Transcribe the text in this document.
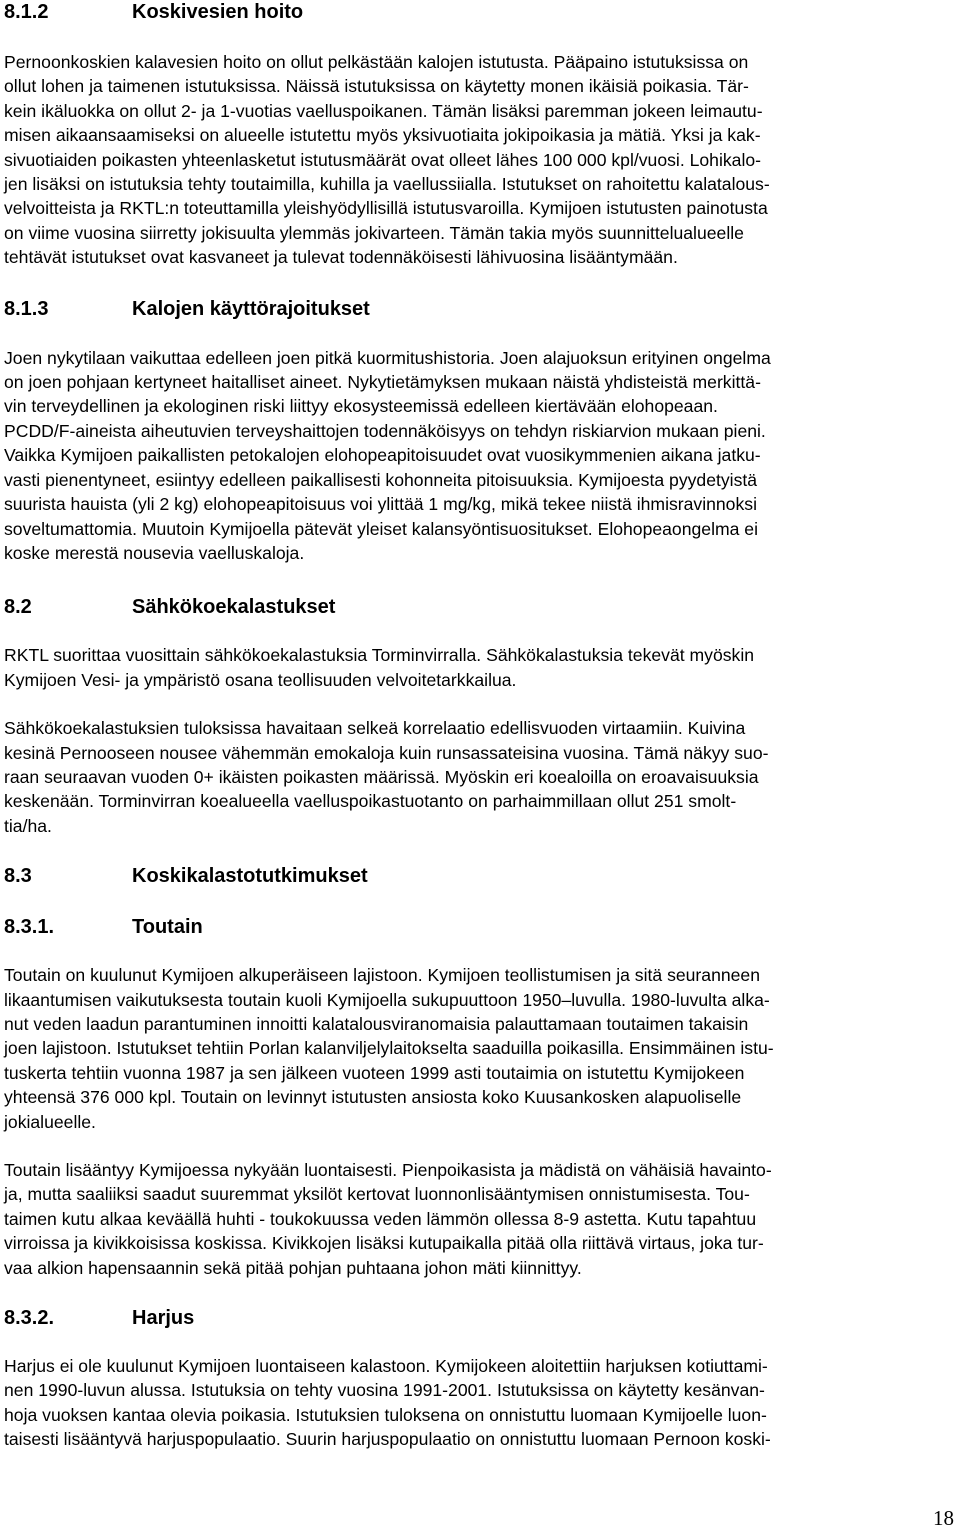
8.1.2	Koskivesien hoito

Pernoonkoskien kalavesien hoito on ollut pelkästään kalojen istutusta. Pääpaino istutuksissa on
ollut lohen ja taimenen istutuksissa. Näissä istutuksissa on käytetty monen ikäisiä poikasia. Tär-
kein ikäluokka on ollut 2- ja 1-vuotias vaelluspoikanen. Tämän lisäksi paremman jokeen leimautu-
misen aikaansaamiseksi on alueelle istutettu myös yksivuotiaita jokipoikasia ja mätiä. Yksi ja kak-
sivuotiaiden poikasten yhteenlasketut istutusmäärät ovat olleet lähes 100 000 kpl/vuosi. Lohikalo-
jen lisäksi on istutuksia tehty toutaimilla, kuhilla ja vaellussiialla. Istutukset on rahoitettu kalatalous-
velvoitteista ja RKTL:n toteuttamilla yleishyödyllisillä istutusvaroilla. Kymijoen istutusten painotusta
on viime vuosina siirretty jokisuulta ylemmäs jokivarteen. Tämän takia myös suunnittelualueelle
tehtävät istutukset ovat kasvaneet ja tulevat todennäköisesti lähivuosina lisääntymään.

8.1.3	Kalojen käyttörajoitukset

Joen nykytilaan vaikuttaa edelleen joen pitkä kuormitushistoria. Joen alajuoksun erityinen ongelma
on joen pohjaan kertyneet haitalliset aineet. Nykytietämyksen mukaan näistä yhdisteistä merkittä-
vin terveydellinen ja ekologinen riski liittyy ekosysteemissä edelleen kiertävään elohopeaan.
PCDD/F-aineista aiheutuvien terveyshaittojen todennäköisyys on tehdyn riskiarvion mukaan pieni.
Vaikka Kymijoen paikallisten petokalojen elohopeapitoisuudet ovat vuosikymmenien aikana jatku-
vasti pienentyneet, esiintyy edelleen paikallisesti kohonneita pitoisuuksia. Kymijoesta pyydetyistä
suurista hauista (yli 2 kg) elohopeapitoisuus voi ylittää 1 mg/kg, mikä tekee niistä ihmisravinnoksi
soveltumattomia. Muutoin Kymijoella pätevät yleiset kalansyöntisuositukset. Elohopeaongelma ei
koske merestä nousevia vaelluskaloja.

8.2	Sähkökoekalastukset

RKTL suorittaa vuosittain sähkökoekalastuksia Torminvirralla. Sähkökalastuksia tekevät myöskin
Kymijoen Vesi- ja ympäristö osana teollisuuden velvoitetarkkailua.

Sähkökoekalastuksien tuloksissa havaitaan selkeä korrelaatio edellisvuoden virtaamiin. Kuivina
kesinä Pernooseen nousee vähemmän emokaloja kuin runsassateisina vuosina. Tämä näkyy suo-
raan seuraavan vuoden 0+ ikäisten poikasten määrissä. Myöskin eri koealoilla on eroavaisuuksia
keskenään. Torminvirran koealueella vaelluspoikastuotanto on parhaimmillaan ollut 251 smolt-
tia/ha.

8.3	Koskikalastotutkimukset
8.3.1.	Toutain

Toutain on kuulunut Kymijoen alkuperäiseen lajistoon. Kymijoen teollistumisen ja sitä seuranneen
likaantumisen vaikutuksesta toutain kuoli Kymijoella sukupuuttoon 1950–luvulla. 1980-luvulta alka-
nut veden laadun parantuminen innoitti kalatalousviranomaisia palauttamaan toutaimen takaisin
joen lajistoon. Istutukset tehtiin Porlan kalanviljelylaitokselta saaduilla poikasilla. Ensimmäinen istu-
tuskerta tehtiin vuonna 1987 ja sen jälkeen vuoteen 1999 asti toutaimia on istutettu Kymijokeen
yhteensä 376 000 kpl. Toutain on levinnyt istutusten ansiosta koko Kuusankosken alapuoliselle
jokialueelle.

Toutain lisääntyy Kymijoessa nykyään luontaisesti. Pienpoikasista ja mädistä on vähäisiä havainto-
ja, mutta saaliiksi saadut suuremmat yksilöt kertovat luonnonlisääntymisen onnistumisesta. Tou-
taimen kutu alkaa keväällä huhti - toukokuussa veden lämmön ollessa 8-9 astetta. Kutu tapahtuu
virroissa ja kivikkoisissa koskissa. Kivikkojen lisäksi kutupaikalla pitää olla riittävä virtaus, joka tur-
vaa alkion hapensaannin sekä pitää pohjan puhtaana johon mäti kiinnittyy.

8.3.2.	Harjus

Harjus ei ole kuulunut Kymijoen luontaiseen kalastoon. Kymijokeen aloitettiin harjuksen kotiuttami-
nen 1990-luvun alussa. Istutuksia on tehty vuosina 1991-2001. Istutuksissa on käytetty kesänvan-
hoja vuoksen kantaa olevia poikasia. Istutuksien tuloksena on onnistuttu luomaan Kymijoelle luon-
taisesti lisääntyvä harjuspopulaatio. Suurin harjuspopulaatio on onnistuttu luomaan Pernoon koski-

18
